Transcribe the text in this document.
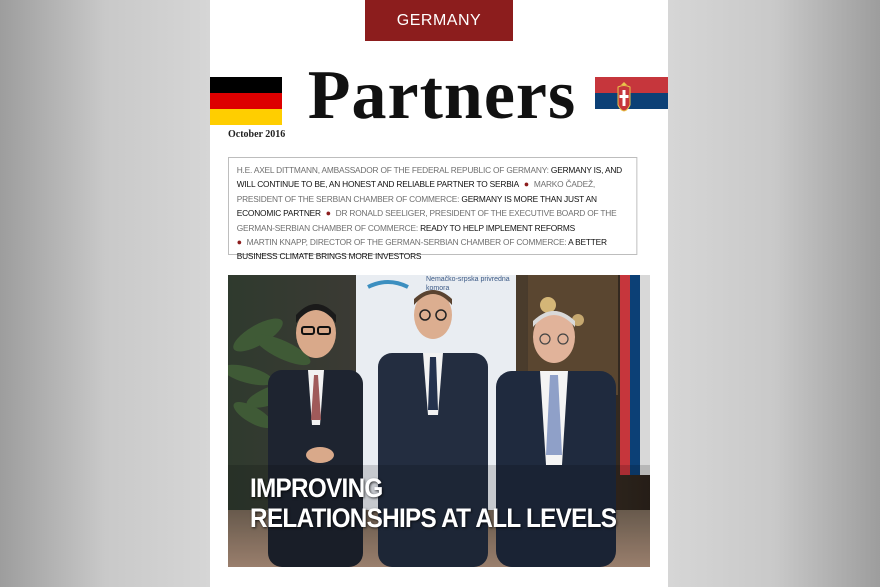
GERMANY
Partners
October 2016
H.E. AXEL DITTMANN, AMBASSADOR OF THE FEDERAL REPUBLIC OF GERMANY: GERMANY IS, AND WILL CONTINUE TO BE, AN HONEST AND RELIABLE PARTNER TO SERBIA ● MARKO ČADEŽ, PRESIDENT OF THE SERBIAN CHAMBER OF COMMERCE: GERMANY IS MORE THAN JUST AN ECONOMIC PARTNER ● DR RONALD SEELIGER, PRESIDENT OF THE EXECUTIVE BOARD OF THE GERMAN-SERBIAN CHAMBER OF COMMERCE: READY TO HELP IMPLEMENT REFORMS
● MARTIN KNAPP, DIRECTOR OF THE GERMAN-SERBIAN CHAMBER OF COMMERCE: A BETTER BUSINESS CLIMATE BRINGS MORE INVESTORS
Nemačko-srpska privredna komora
IMPROVING
RELATIONSHIPS AT ALL LEVELS
